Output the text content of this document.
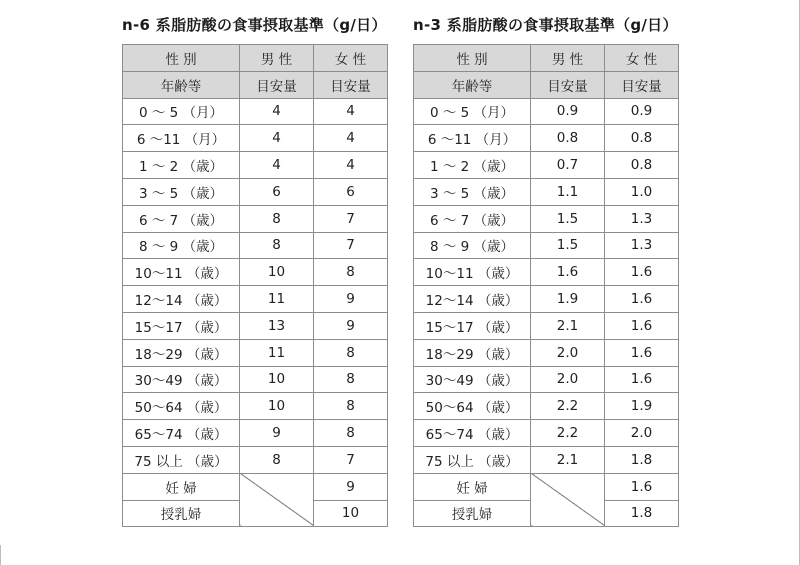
n-6 系脂肪酸の食事摂取基準（g/日）
性 別	男 性	女 性
年齢等	目安量	目安量
0 ～ 5 （月）	4	4
6 ～11 （月）	4	4
1 ～ 2 （歳）	4	4
3 ～ 5 （歳）	6	6
6 ～ 7 （歳）	8	7
8 ～ 9 （歳）	8	7
10～11 （歳）	10	8
12～14 （歳）	11	9
15～17 （歳）	13	9
18～29 （歳）	11	8
30～49 （歳）	10	8
50～64 （歳）	10	8
65～74 （歳）	9	8
75 以上 （歳）	8	7
妊 婦		9
授乳婦		10
n-3 系脂肪酸の食事摂取基準（g/日）
性 別	男 性	女 性
年齢等	目安量	目安量
0 ～ 5 （月）	0.9	0.9
6 ～11 （月）	0.8	0.8
1 ～ 2 （歳）	0.7	0.8
3 ～ 5 （歳）	1.1	1.0
6 ～ 7 （歳）	1.5	1.3
8 ～ 9 （歳）	1.5	1.3
10～11 （歳）	1.6	1.6
12～14 （歳）	1.9	1.6
15～17 （歳）	2.1	1.6
18～29 （歳）	2.0	1.6
30～49 （歳）	2.0	1.6
50～64 （歳）	2.2	1.9
65～74 （歳）	2.2	2.0
75 以上 （歳）	2.1	1.8
妊 婦		1.6
授乳婦		1.8
